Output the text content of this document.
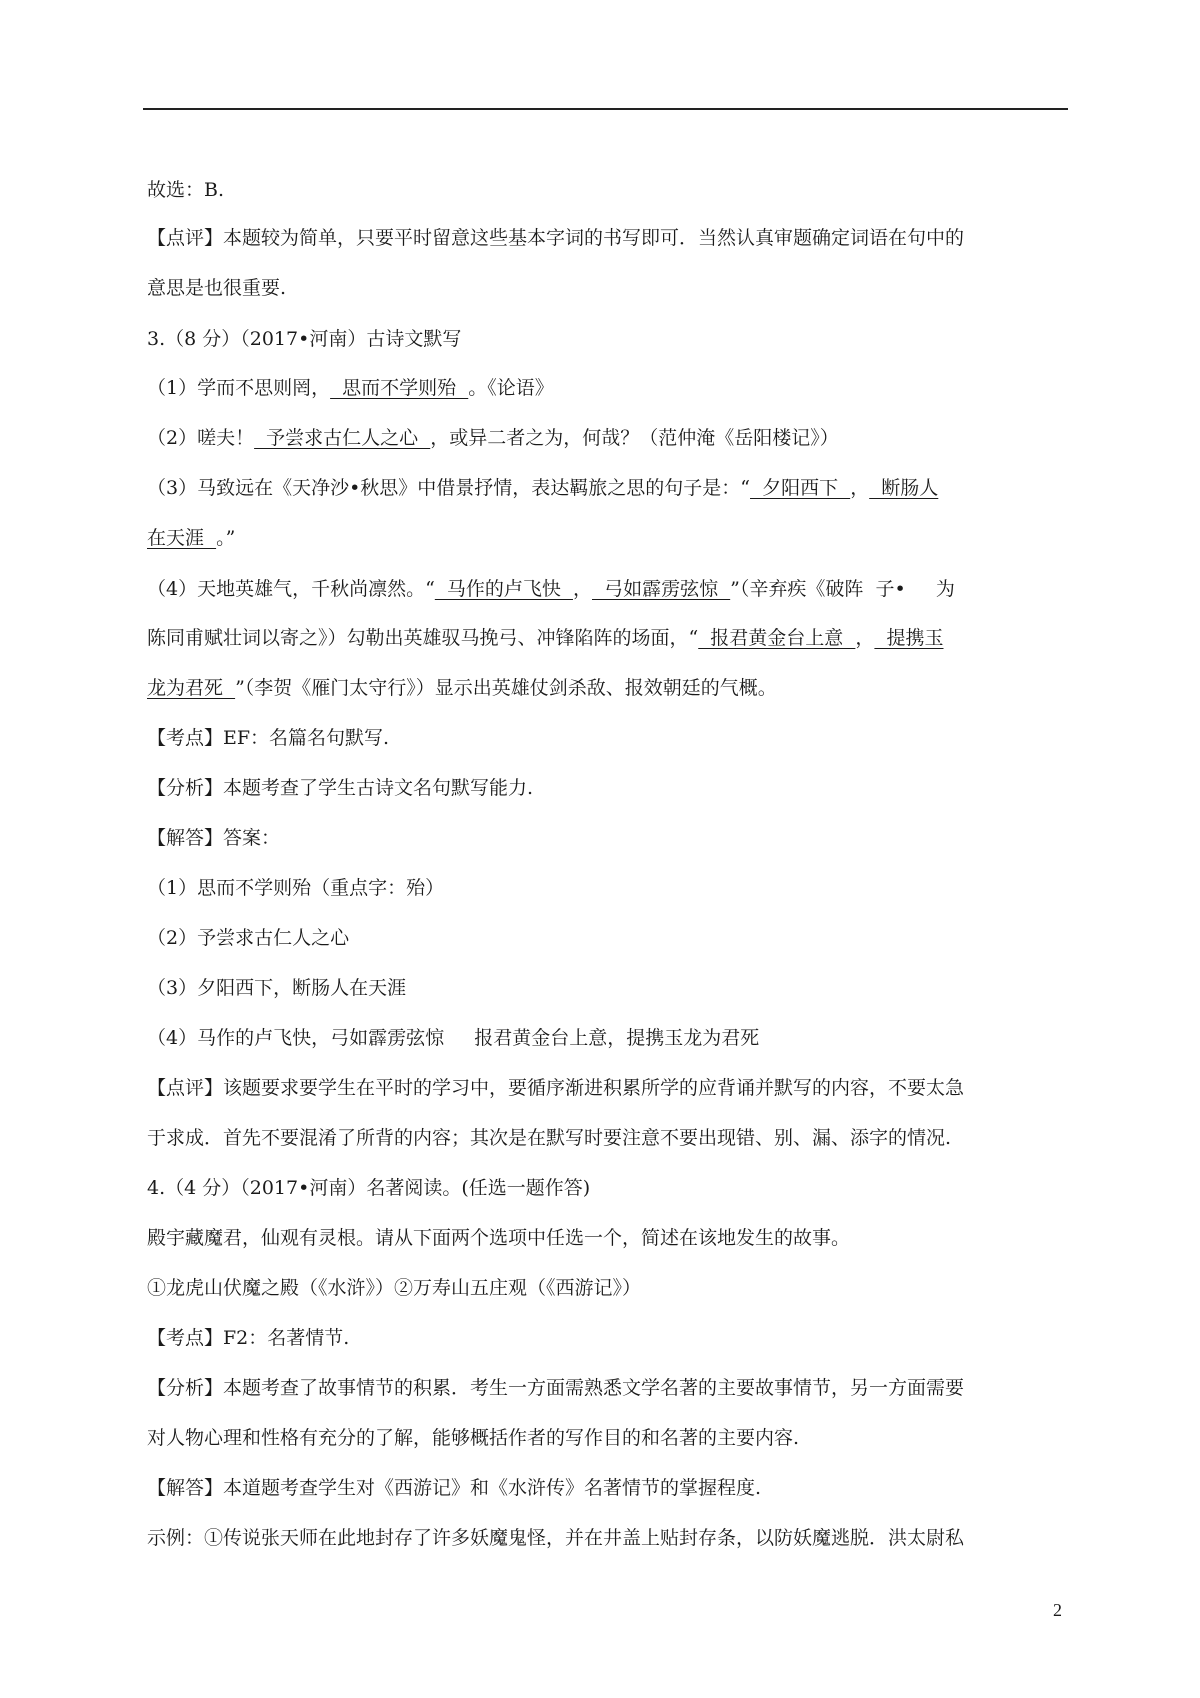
故选：B.
【点评】本题较为简单，只要平时留意这些基本字词的书写即可．当然认真审题确定词语在句中的
意思是也很重要.
3.（8 分）（2017•河南）古诗文默写
（1）学而不思则罔，  思而不学则殆  。《论语》
（2）嗟夫！  予尝求古仁人之心  ，或异二者之为，何哉？（范仲淹《岳阳楼记》）
（3）马致远在《天净沙•秋思》中借景抒情，表达羁旅之思的句子是：“  夕阳西下  ，  断肠人
在天涯  。”
（4）天地英雄气，千秋尚凛然。“  马作的卢飞快  ，  弓如霹雳弦惊  ”（辛弃疾《破阵  子•     为
陈同甫赋壮词以寄之》）勾勒出英雄驭马挽弓、冲锋陷阵的场面，“  报君黄金台上意  ，  提携玉
龙为君死  ”（李贺《雁门太守行》）显示出英雄仗剑杀敌、报效朝廷的气概。
【考点】EF：名篇名句默写.
【分析】本题考查了学生古诗文名句默写能力.
【解答】答案：
（1）思而不学则殆（重点字：殆）
（2）予尝求古仁人之心
（3）夕阳西下，断肠人在天涯
（4）马作的卢飞快，弓如霹雳弦惊     报君黄金台上意，提携玉龙为君死
【点评】该题要求要学生在平时的学习中，要循序渐进积累所学的应背诵并默写的内容，不要太急
于求成．首先不要混淆了所背的内容；其次是在默写时要注意不要出现错、别、漏、添字的情况.
4.（4 分）（2017•河南）名著阅读。(任选一题作答)
殿宇藏魔君，仙观有灵根。请从下面两个选项中任选一个，简述在该地发生的故事。
①龙虎山伏魔之殿（《水浒》）②万寿山五庄观（《西游记》）
【考点】F2：名著情节.
【分析】本题考查了故事情节的积累．考生一方面需熟悉文学名著的主要故事情节，另一方面需要
对人物心理和性格有充分的了解，能够概括作者的写作目的和名著的主要内容.
【解答】本道题考查学生对《西游记》和《水浒传》名著情节的掌握程度.
示例：①传说张天师在此地封存了许多妖魔鬼怪，并在井盖上贴封存条，以防妖魔逃脱．洪太尉私
2
